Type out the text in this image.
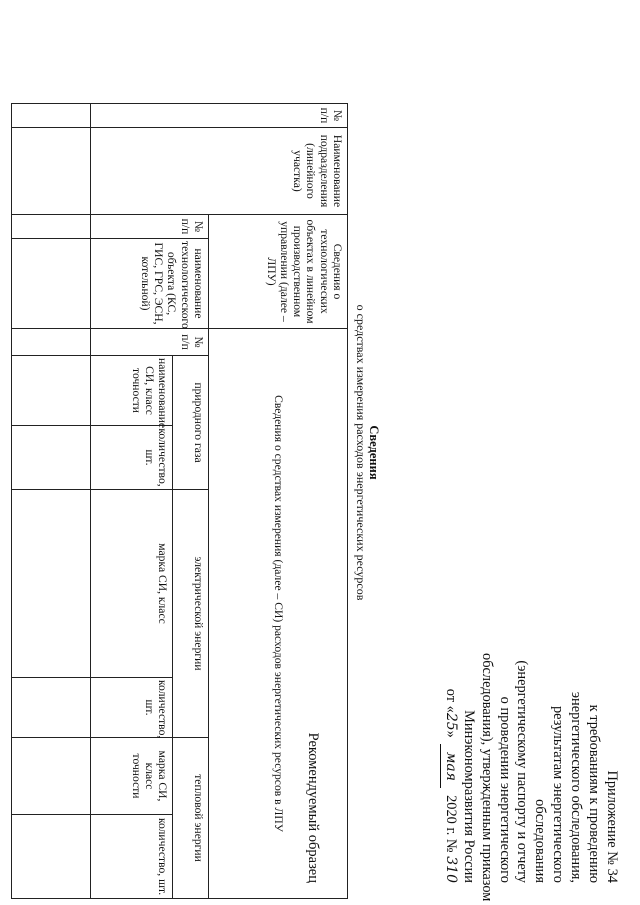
Приложение № 34
к требованиям к проведению
энергетического обследования,
результатам энергетического
обследования
(энергетическому паспорту и отчету
о проведении энергетического
обследования), утвержденным приказом
Минэкономразвития России
от «25» мая 2020 г. № 310
Рекомендуемый образец
Сведения
о средствах измерения расходов энергетических ресурсов
№ п/п	Наименование подразделения (линейного участка)	Сведения о технологических объектах в линейном производственном управлении (далее – ЛПУ)		Сведения о средствах измерения (далее – СИ) расходов энергетических ресурсов в ЛПУ						
		№ п/п	наименование технологического объекта (КС, ГИС, ГРС, ЭСН, котельной)	№ п/п	природного газа		электрической энергии		тепловой энергии	
					наименование СИ, класс точности	количество, шт.	марка СИ, класс	количество, шт.	марка СИ, класс точности	количество, шт.
